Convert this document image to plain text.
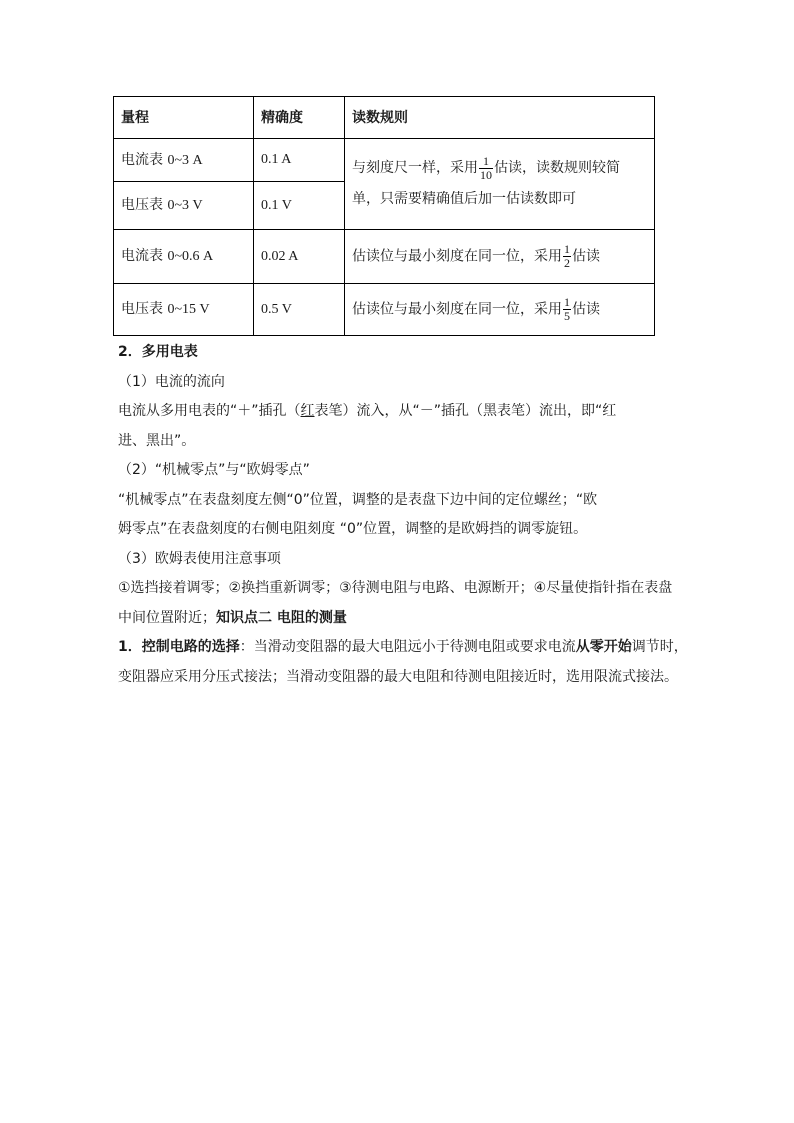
量程	精确度	读数规则
电流表 0~3 A	0.1 A	与刻度尺一样，采用 $\frac{1}{10}$ 估读，读数规则较简
单，只需要精确值后加一估读数即可
电压表 0~3 V	0.1 V	
电流表 0~0.6 A	0.02 A	估读位与最小刻度在同一位，采用 $\frac{1}{2}$ 估读
电压表 0~15 V	0.5 V	估读位与最小刻度在同一位，采用 $\frac{1}{5}$ 估读
2．多用电表
（1）电流的流向
电流从多用电表的“＋”插孔（红表笔）流入，从“－”插孔（黑表笔）流出，即“红
进、黑出”。
（2）“机械零点”与“欧姆零点”
“机械零点”在表盘刻度左侧“0”位置，调整的是表盘下边中间的定位螺丝；“欧
姆零点”在表盘刻度的右侧电阻刻度 “0”位置，调整的是欧姆挡的调零旋钮。
（3）欧姆表使用注意事项
①选挡接着调零；②换挡重新调零；③待测电阻与电路、电源断开；④尽量使指针指在表盘
中间位置附近；知识点二 电阻的测量
1．控制电路的选择：当滑动变阻器的最大电阻远小于待测电阻或要求电流从零开始调节时，
变阻器应采用分压式接法；当滑动变阻器的最大电阻和待测电阻接近时，选用限流式接法。
